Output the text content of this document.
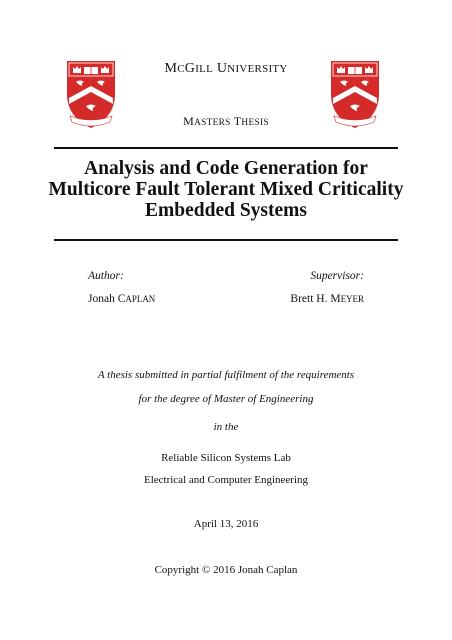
MCGILL UNIVERSITY
MASTERS THESIS
Analysis and Code Generation for
Multicore Fault Tolerant Mixed Criticality
Embedded Systems
Author:	Supervisor:
Jonah CAPLAN	Brett H. MEYER
A thesis submitted in partial fulfilment of the requirements
for the degree of Master of Engineering
in the
Reliable Silicon Systems Lab
Electrical and Computer Engineering
April 13, 2016
Copyright © 2016 Jonah Caplan
